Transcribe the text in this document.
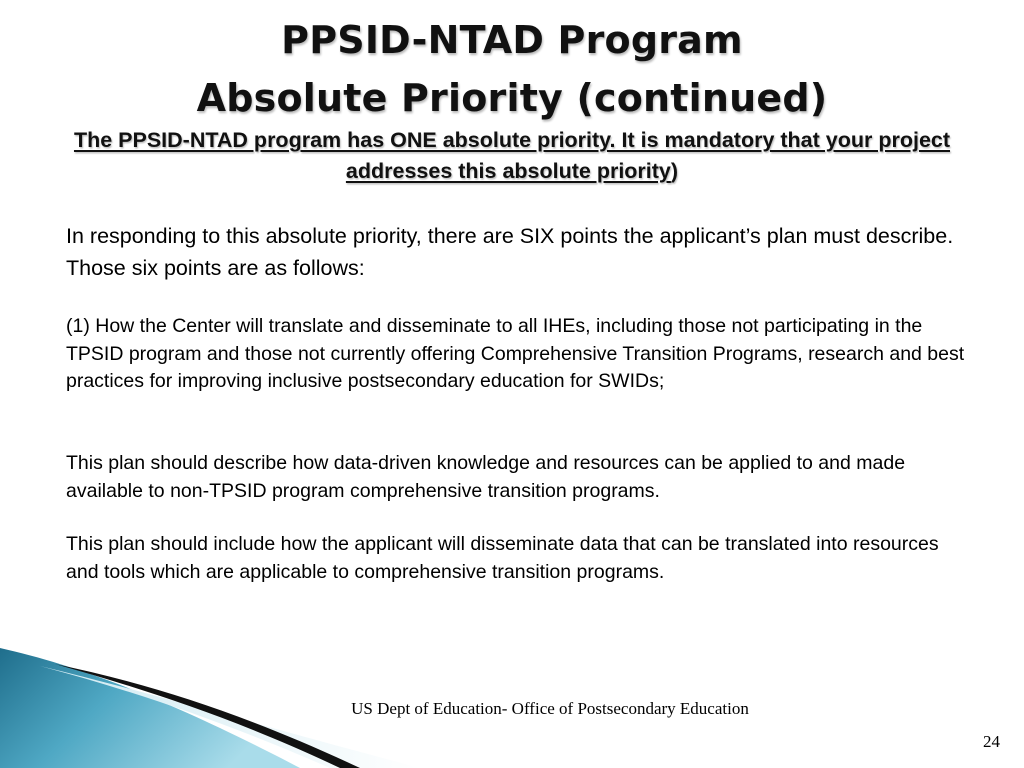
PPSID-NTAD Program
Absolute Priority (continued)
The PPSID-NTAD program has ONE absolute priority. It is mandatory that your project addresses this absolute priority)

In responding to this absolute priority, there are SIX points the applicant’s plan must describe. Those six points are as follows:

(1) How the Center will translate and disseminate to all IHEs, including those not participating in the TPSID program and those not currently offering Comprehensive Transition Programs, research and best practices for improving inclusive postsecondary education for SWIDs;

This plan should describe how data-driven knowledge and resources can be applied to and made available to non-TPSID program comprehensive transition programs.

This plan should include how the applicant will disseminate data that can be translated into resources and tools which are applicable to comprehensive transition programs.

US Dept of Education- Office of Postsecondary Education
24
